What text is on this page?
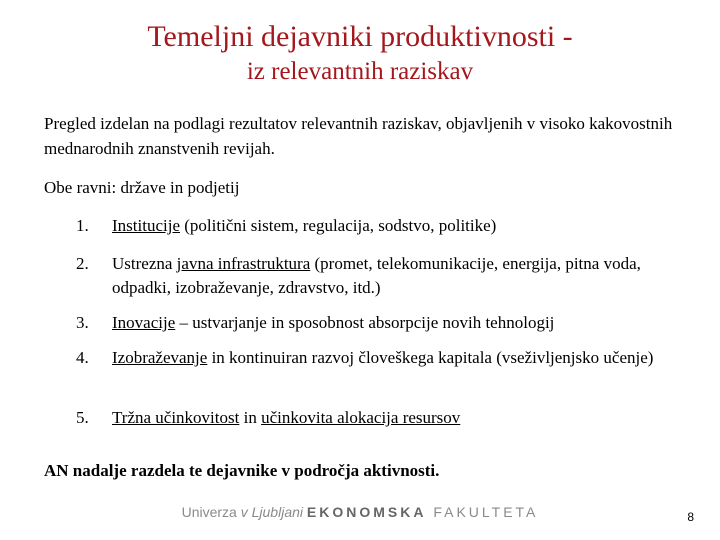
Temeljni dejavniki produktivnosti -
iz relevantnih raziskav
Pregled izdelan na podlagi rezultatov relevantnih raziskav, objavljenih v visoko kakovostnih mednarodnih znanstvenih revijah.
Obe ravni: države in podjetij
1. Institucije (politični sistem, regulacija, sodstvo, politike)
2. Ustrezna javna infrastruktura (promet, telekomunikacije, energija, pitna voda, odpadki, izobraževanje, zdravstvo, itd.)
3. Inovacije – ustvarjanje in sposobnost absorpcije novih tehnologij
4. Izobraževanje in kontinuiran razvoj človeškega kapitala (vseživljenjsko učenje)
5. Tržna učinkovitost in učinkovita alokacija resursov
AN nadalje razdela te dejavnike v področja aktivnosti.
Univerza v Ljubljani EKONOMSKA FAKULTETA	8
